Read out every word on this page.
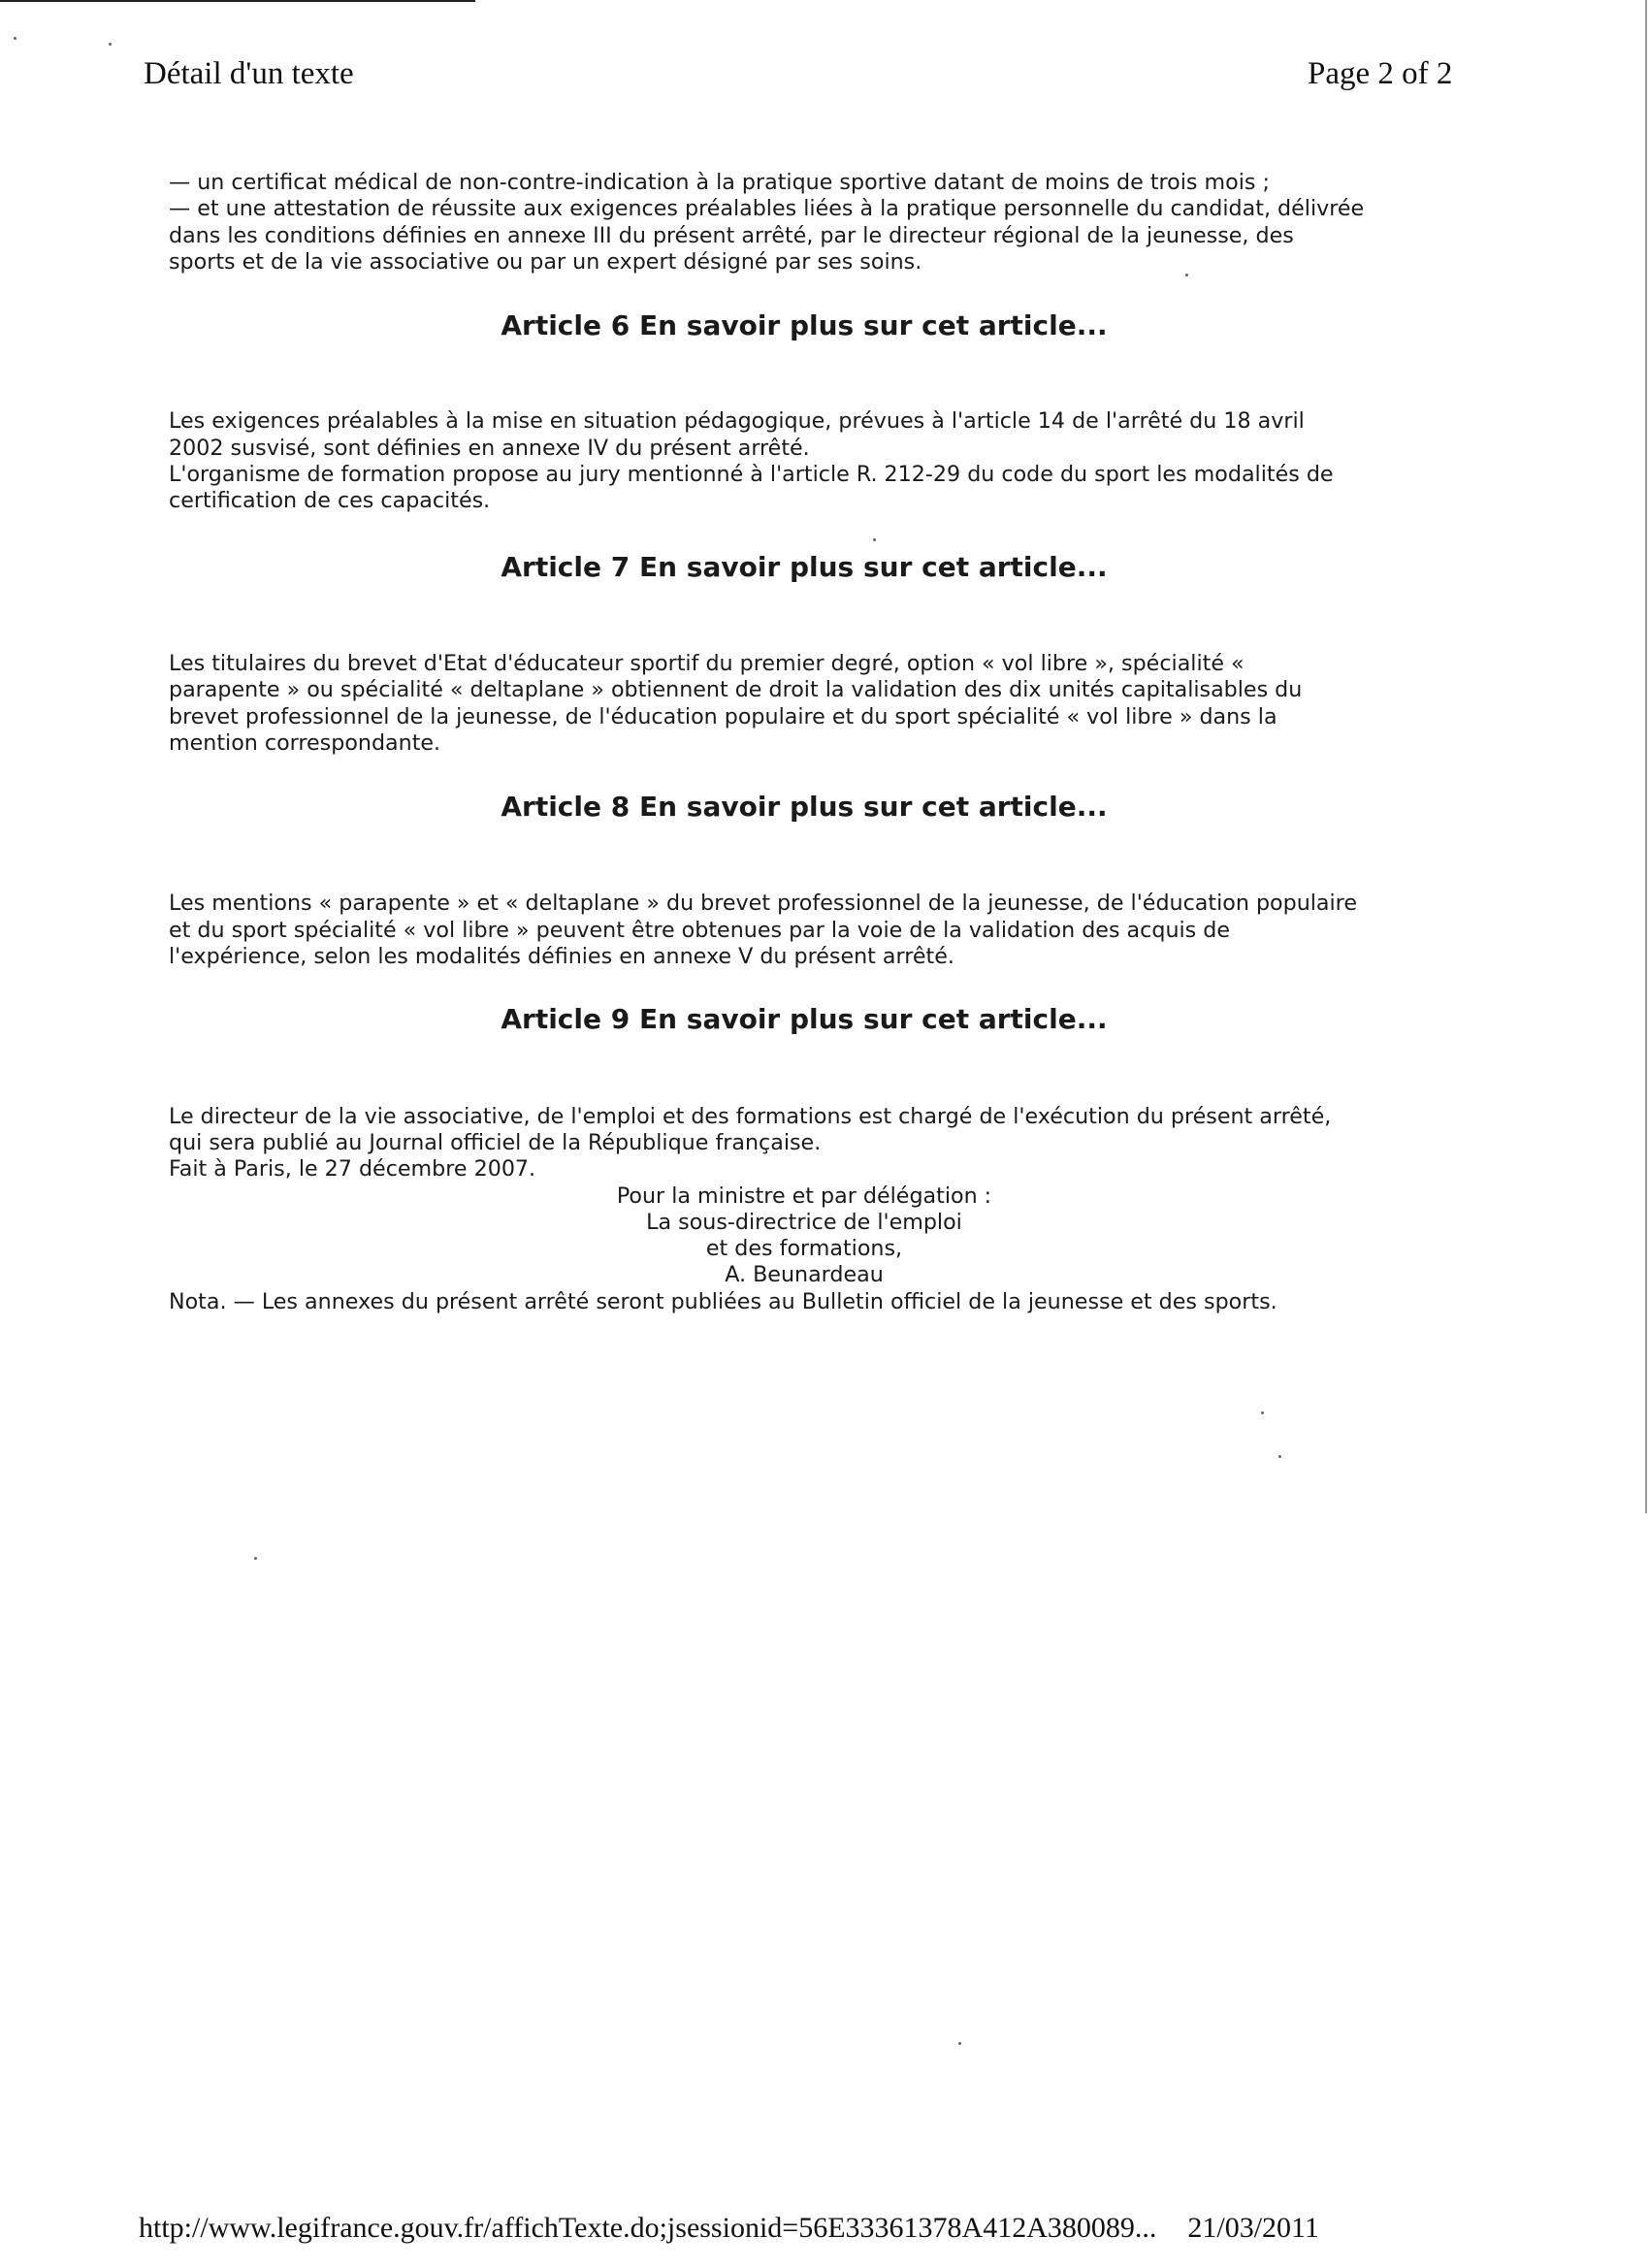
Détail d'un texte	Page 2 of 2

— un certificat médical de non-contre-indication à la pratique sportive datant de moins de trois mois ;

— et une attestation de réussite aux exigences préalables liées à la pratique personnelle du candidat, délivrée

dans les conditions définies en annexe III du présent arrêté, par le directeur régional de la jeunesse, des

sports et de la vie associative ou par un expert désigné par ses soins.

Article 6 En savoir plus sur cet article...

Les exigences préalables à la mise en situation pédagogique, prévues à l'article 14 de l'arrêté du 18 avril

2002 susvisé, sont définies en annexe IV du présent arrêté.

L'organisme de formation propose au jury mentionné à l'article R. 212-29 du code du sport les modalités de

certification de ces capacités.

Article 7 En savoir plus sur cet article...

Les titulaires du brevet d'Etat d'éducateur sportif du premier degré, option « vol libre », spécialité «

parapente » ou spécialité « deltaplane » obtiennent de droit la validation des dix unités capitalisables du

brevet professionnel de la jeunesse, de l'éducation populaire et du sport spécialité « vol libre » dans la

mention correspondante.

Article 8 En savoir plus sur cet article...

Les mentions « parapente » et « deltaplane » du brevet professionnel de la jeunesse, de l'éducation populaire

et du sport spécialité « vol libre » peuvent être obtenues par la voie de la validation des acquis de

l'expérience, selon les modalités définies en annexe V du présent arrêté.

Article 9 En savoir plus sur cet article...

Le directeur de la vie associative, de l'emploi et des formations est chargé de l'exécution du présent arrêté,

qui sera publié au Journal officiel de la République française.

Fait à Paris, le 27 décembre 2007.

Pour la ministre et par délégation :

La sous-directrice de l'emploi

et des formations,

A. Beunardeau

Nota. — Les annexes du présent arrêté seront publiées au Bulletin officiel de la jeunesse et des sports.

http://www.legifrance.gouv.fr/affichTexte.do;jsessionid=56E33361378A412A380089... 21/03/2011
